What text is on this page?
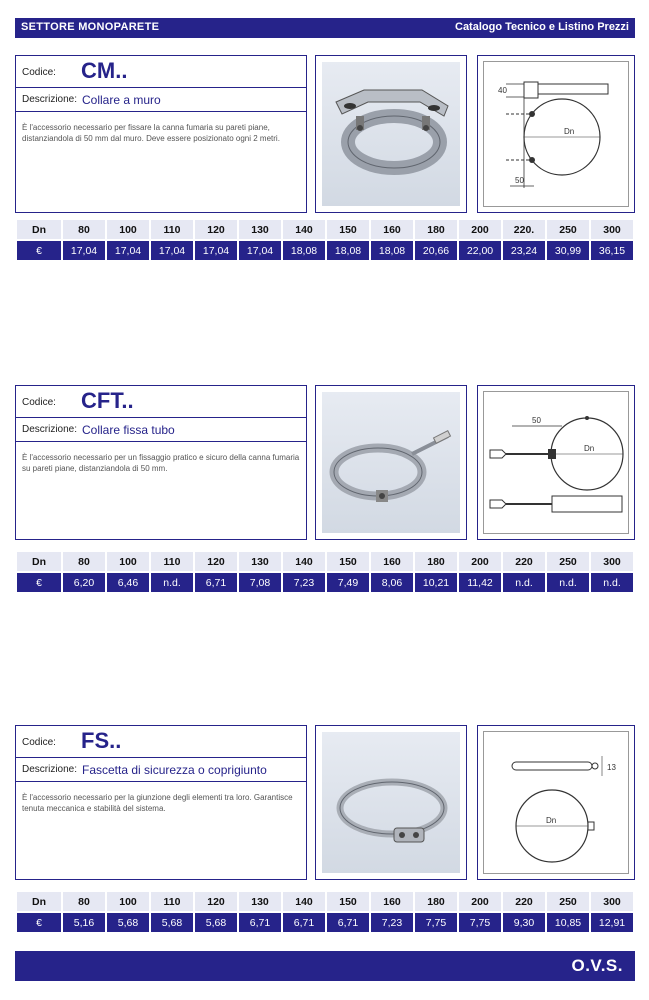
SETTORE MONOPARETE	Catalogo Tecnico e Listino Prezzi
Codice: CM..
Descrizione: Collare a muro
È l'accessorio necessario per fissare la canna fumaria su pareti piane, distanziandola di 50 mm dal muro. Deve essere posizionato ogni 2 metri.
40
Dn
50
Dn	80	100	110	120	130	140	150	160	180	200	220.	250	300
€	17,04	17,04	17,04	17,04	17,04	18,08	18,08	18,08	20,66	22,00	23,24	30,99	36,15
Codice: CFT..
Descrizione: Collare fissa tubo
È l'accessorio necessario per un fissaggio pratico e sicuro della canna fumaria su pareti piane, distanziandola di 50 mm.
50
Dn
Dn	80	100	110	120	130	140	150	160	180	200	220	250	300
€	6,20	6,46	n.d.	6,71	7,08	7,23	7,49	8,06	10,21	11,42	n.d.	n.d.	n.d.
Codice: FS..
Descrizione: Fascetta di sicurezza o coprigiunto
È l'accessorio necessario per la giunzione degli elementi tra loro. Garantisce tenuta meccanica e stabilità del sistema.
13
Dn
Dn	80	100	110	120	130	140	150	160	180	200	220	250	300
€	5,16	5,68	5,68	5,68	6,71	6,71	6,71	7,23	7,75	7,75	9,30	10,85	12,91
O.V.S.
